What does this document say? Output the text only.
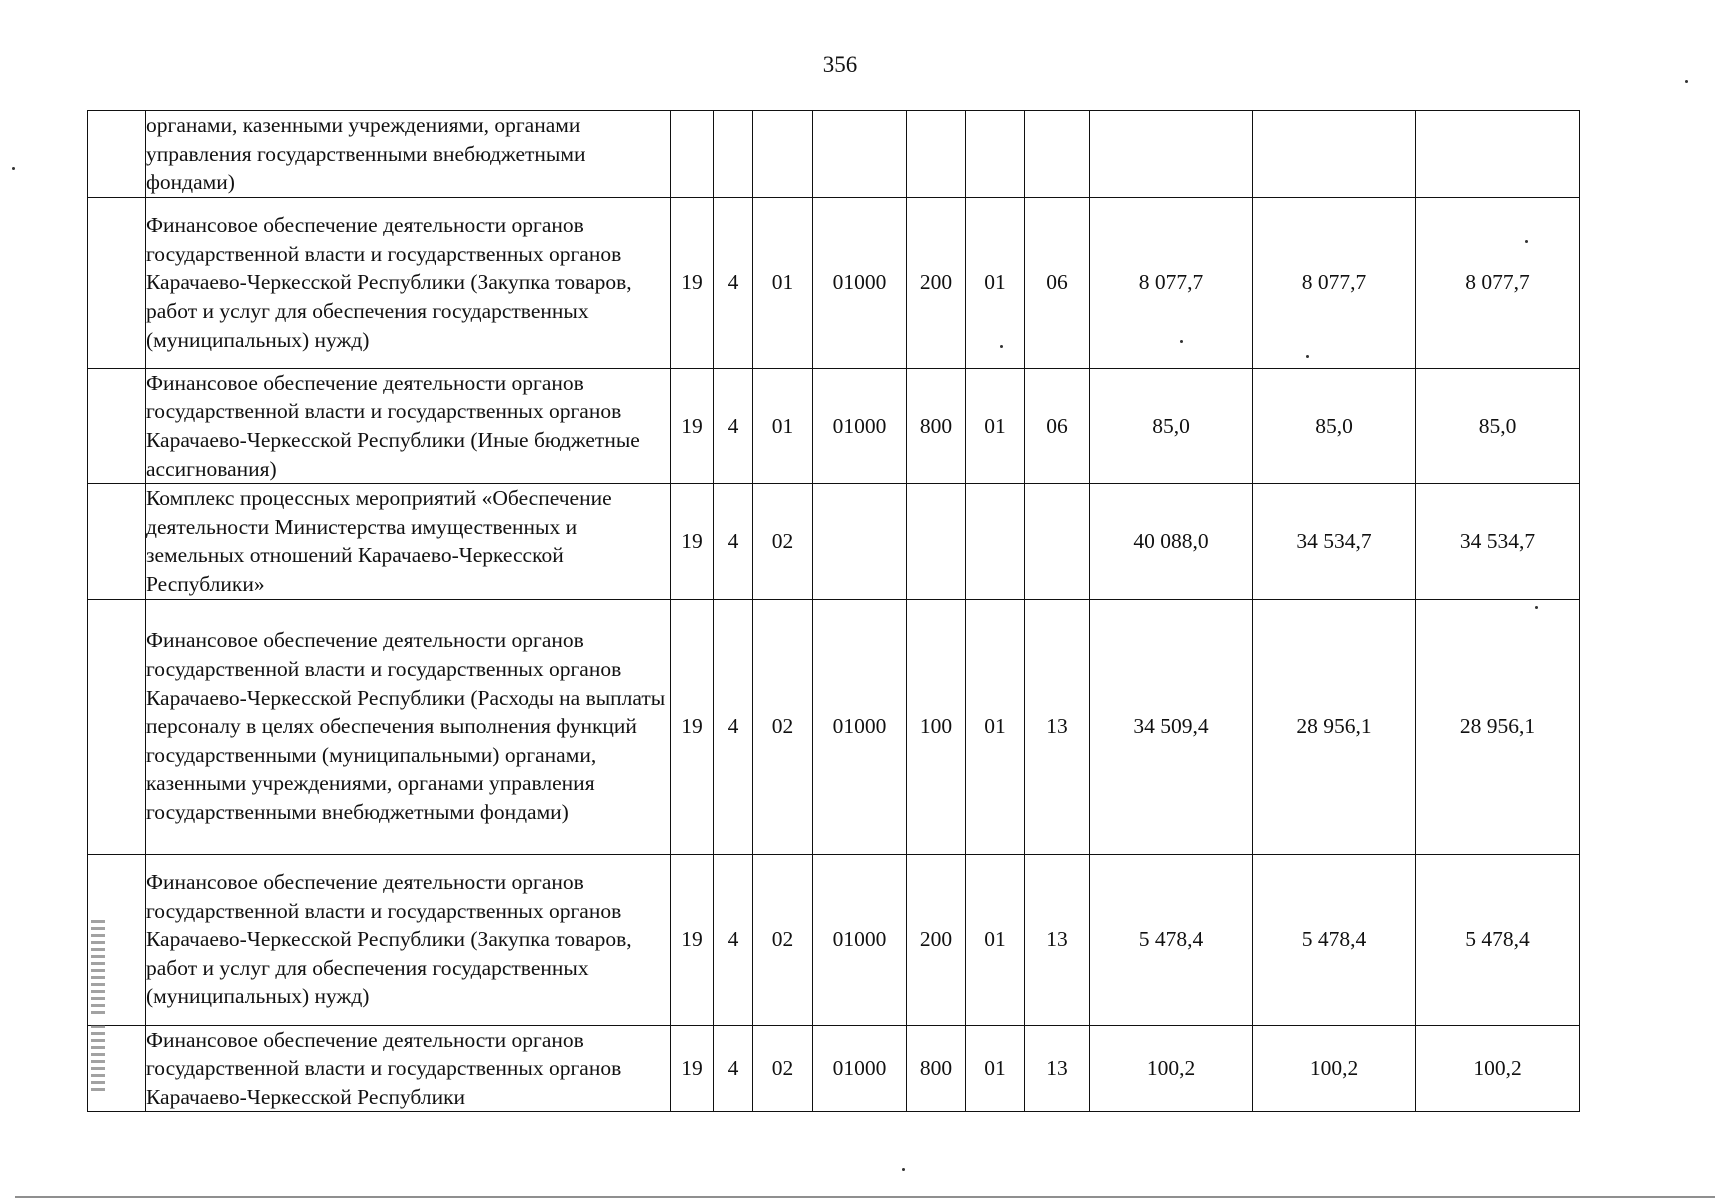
356
	органами, казенными учреждениями, органами управления государственными внебюджетными фондами)										
	Финансовое обеспечение деятельности органов государственной власти и государственных органов Карачаево-Черкесской Республики (Закупка товаров, работ и услуг для обеспечения государственных (муниципальных) нужд)	19	4	01	01000	200	01	06	8 077,7	8 077,7	8 077,7
	Финансовое обеспечение деятельности органов государственной власти и государственных органов Карачаево-Черкесской Республики (Иные бюджетные ассигнования)	19	4	01	01000	800	01	06	85,0	85,0	85,0
	Комплекс процессных мероприятий «Обеспечение деятельности Министерства имущественных и земельных отношений Карачаево-Черкесской Республики»	19	4	02					40 088,0	34 534,7	34 534,7
	Финансовое обеспечение деятельности органов государственной власти и государственных органов Карачаево-Черкесской Республики (Расходы на выплаты персоналу в целях обеспечения выполнения функций государственными (муниципальными) органами, казенными учреждениями, органами управления государственными внебюджетными фондами)	19	4	02	01000	100	01	13	34 509,4	28 956,1	28 956,1
	Финансовое обеспечение деятельности органов государственной власти и государственных органов Карачаево-Черкесской Республики (Закупка товаров, работ и услуг для обеспечения государственных (муниципальных) нужд)	19	4	02	01000	200	01	13	5 478,4	5 478,4	5 478,4
	Финансовое обеспечение деятельности органов государственной власти и государственных органов Карачаево-Черкесской Республики	19	4	02	01000	800	01	13	100,2	100,2	100,2
